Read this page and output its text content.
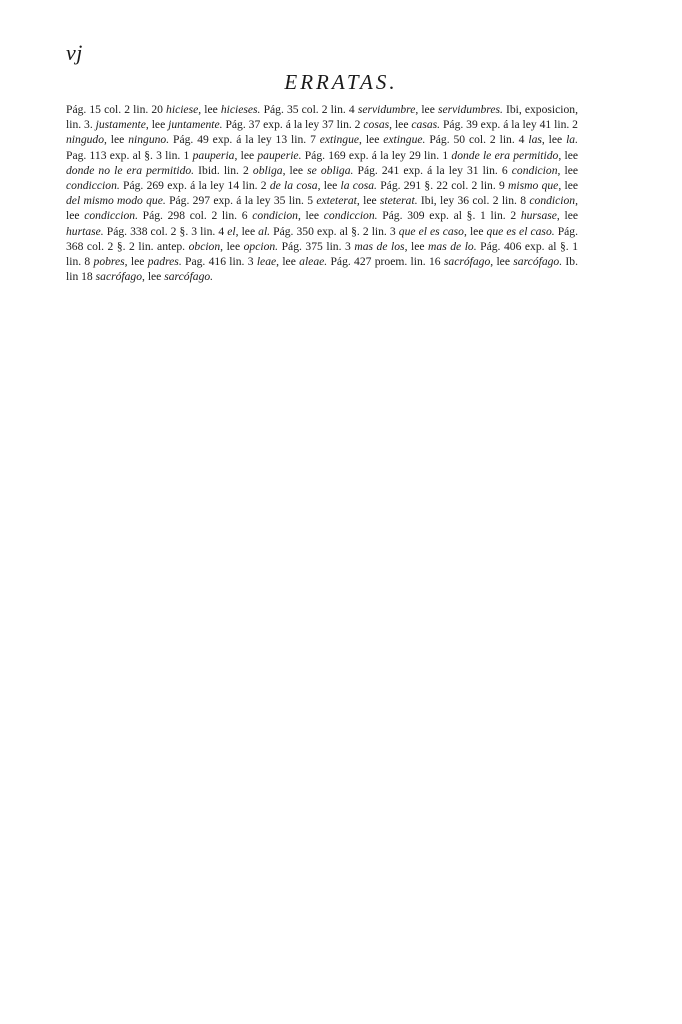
vj
ERRATAS.
Pág. 15 col. 2 lin. 20 hiciese, lee hicieses. Pág. 35 col. 2 lin. 4 servidumbre, lee servidumbres. Ibi, exposicion, lin. 3. justamente, lee juntamente. Pág. 37 exp. á la ley 37 lin. 2 cosas, lee casas. Pág. 39 exp. á la ley 41 lin. 2 ningudo, lee ninguno. Pág. 49 exp. á la ley 13 lin. 7 extingue, lee extingue. Pág. 50 col. 2 lin. 4 las, lee la. Pag. 113 exp. al §. 3 lin. 1 pauperia, lee pauperie. Pág. 169 exp. á la ley 29 lin. 1 donde le era permitido, lee donde no le era permitido. Ibid. lin. 2 obliga, lee se obliga. Pág. 241 exp. á la ley 31 lin. 6 condicion, lee condiccion. Pág. 269 exp. á la ley 14 lin. 2 de la cosa, lee la cosa. Pág. 291 §. 22 col. 2 lin. 9 mismo que, lee del mismo modo que. Pág. 297 exp. á la ley 35 lin. 5 exteterat, lee steterat. Ibi, ley 36 col. 2 lin. 8 condicion, lee condiccion. Pág. 298 col. 2 lin. 6 condicion, lee condiccion. Pág. 309 exp. al §. 1 lin. 2 hursase, lee hurtase. Pág. 338 col. 2 §. 3 lin. 4 el, lee al. Pág. 350 exp. al §. 2 lin. 3 que el es caso, lee que es el caso. Pág. 368 col. 2 §. 2 lin. antep. obcion, lee opcion. Pág. 375 lin. 3 mas de los, lee mas de lo. Pág. 406 exp. al §. 1 lin. 8 pobres, lee padres. Pag. 416 lin. 3 leae, lee aleae. Pág. 427 proem. lin. 16 sacrófago, lee sarcófago. Ib. lin 18 sacrófago, lee sarcófago.
